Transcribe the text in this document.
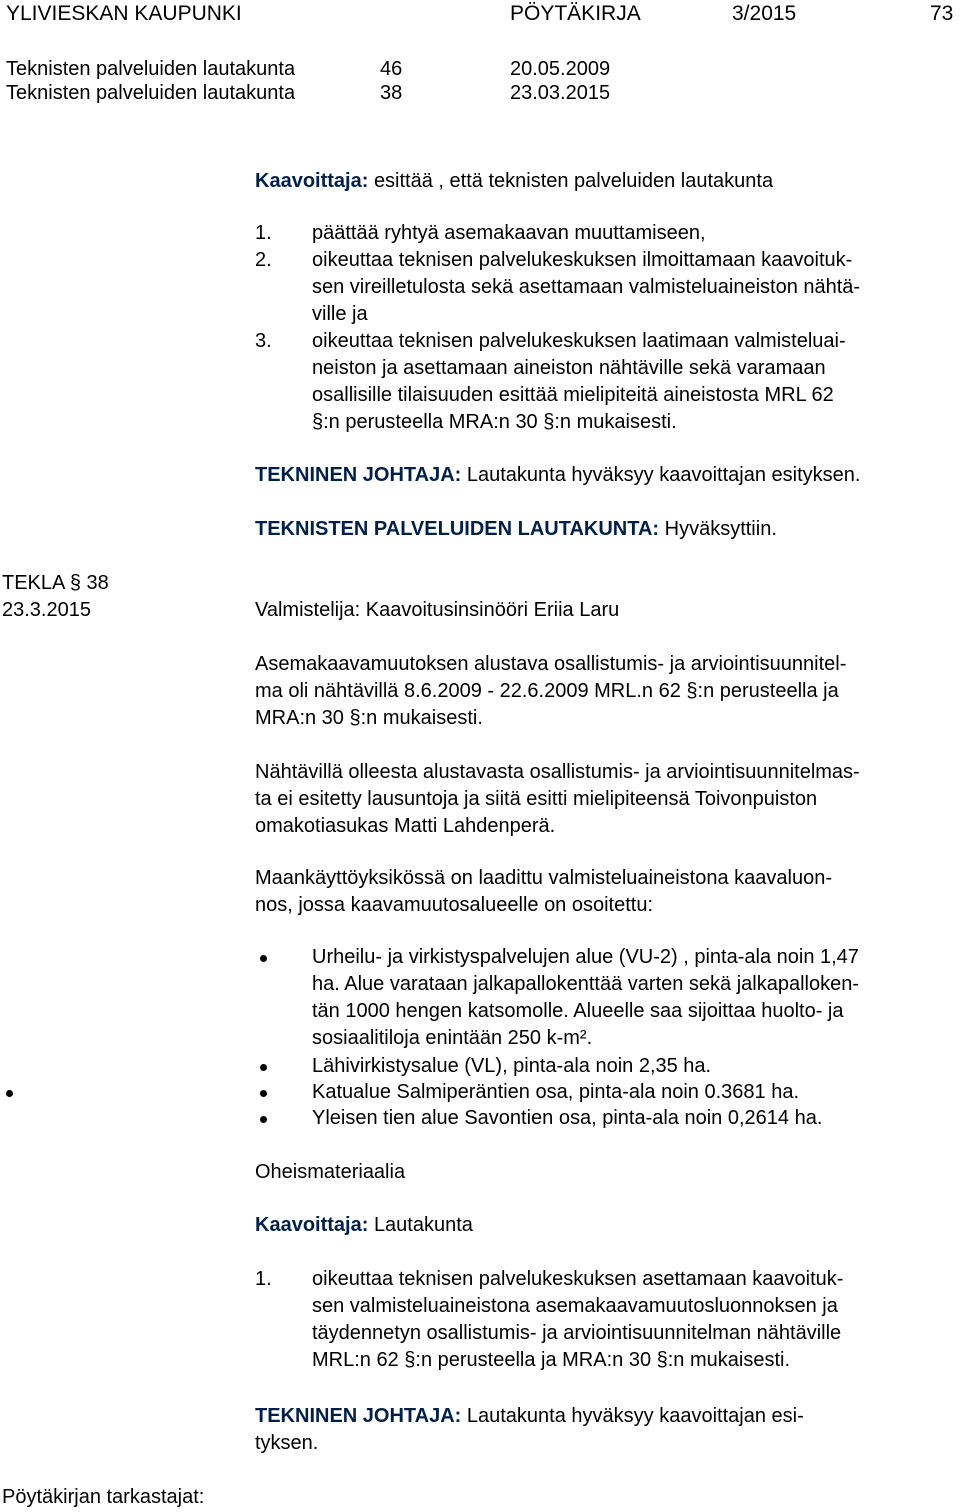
YLIVIESKAN KAUPUNKI	PÖYTÄKIRJA	3/2015	73
Teknisten palveluiden lautakunta	46	20.05.2009
Teknisten palveluiden lautakunta	38	23.03.2015
Kaavoittaja: esittää , että teknisten palveluiden lautakunta
1. päättää ryhtyä asemakaavan muuttamiseen,
2. oikeuttaa teknisen palvelukeskuksen ilmoittamaan kaavoituk-
sen vireilletulosta sekä asettamaan valmisteluaineiston nähtä-
ville ja
3. oikeuttaa teknisen palvelukeskuksen laatimaan valmisteluai-
neiston ja asettamaan aineiston nähtäville sekä varamaan
osallisille tilaisuuden esittää mielipiteitä aineistosta MRL 62
§:n perusteella MRA:n 30 §:n mukaisesti.
TEKNINEN JOHTAJA: Lautakunta hyväksyy kaavoittajan esityksen.
TEKNISTEN PALVELUIDEN LAUTAKUNTA: Hyväksyttiin.
TEKLA § 38
23.3.2015	Valmistelija: Kaavoitusinsinööri Eriia Laru
Asemakaavamuutoksen alustava osallistumis- ja arviointisuunnitel-
ma oli nähtävillä 8.6.2009 - 22.6.2009 MRL.n 62 §:n perusteella ja
MRA:n 30 §:n mukaisesti.
Nähtävillä olleesta alustavasta osallistumis- ja arviointisuunnitelmas-
ta ei esitetty lausuntoja ja siitä esitti mielipiteensä Toivonpuiston
omakotiasukas Matti Lahdenperä.
Maankäyttöyksikössä on laadittu valmisteluaineistona kaavaluon-
nos, jossa kaavamuutosalueelle on osoitettu:
Urheilu- ja virkistyspalvelujen alue (VU-2) , pinta-ala noin 1,47
ha. Alue varataan jalkapallokenttää varten sekä jalkapalloken-
tän 1000 hengen katsomolle. Alueelle saa sijoittaa huolto- ja
sosiaalitiloja enintään 250 k-m².
Lähivirkistysalue (VL), pinta-ala noin 2,35 ha.
Katualue Salmiperäntien osa, pinta-ala noin 0.3681 ha.
Yleisen tien alue Savontien osa, pinta-ala noin 0,2614 ha.
Oheismateriaalia
Kaavoittaja: Lautakunta
1. oikeuttaa teknisen palvelukeskuksen asettamaan kaavoituk-
sen valmisteluaineistona asemakaavamuutosluonnoksen ja
täydennetyn osallistumis- ja arviointisuunnitelman nähtäville
MRL:n 62 §:n perusteella ja MRA:n 30 §:n mukaisesti.
TEKNINEN JOHTAJA: Lautakunta hyväksyy kaavoittajan esi-
tyksen.
Pöytäkirjan tarkastajat:
